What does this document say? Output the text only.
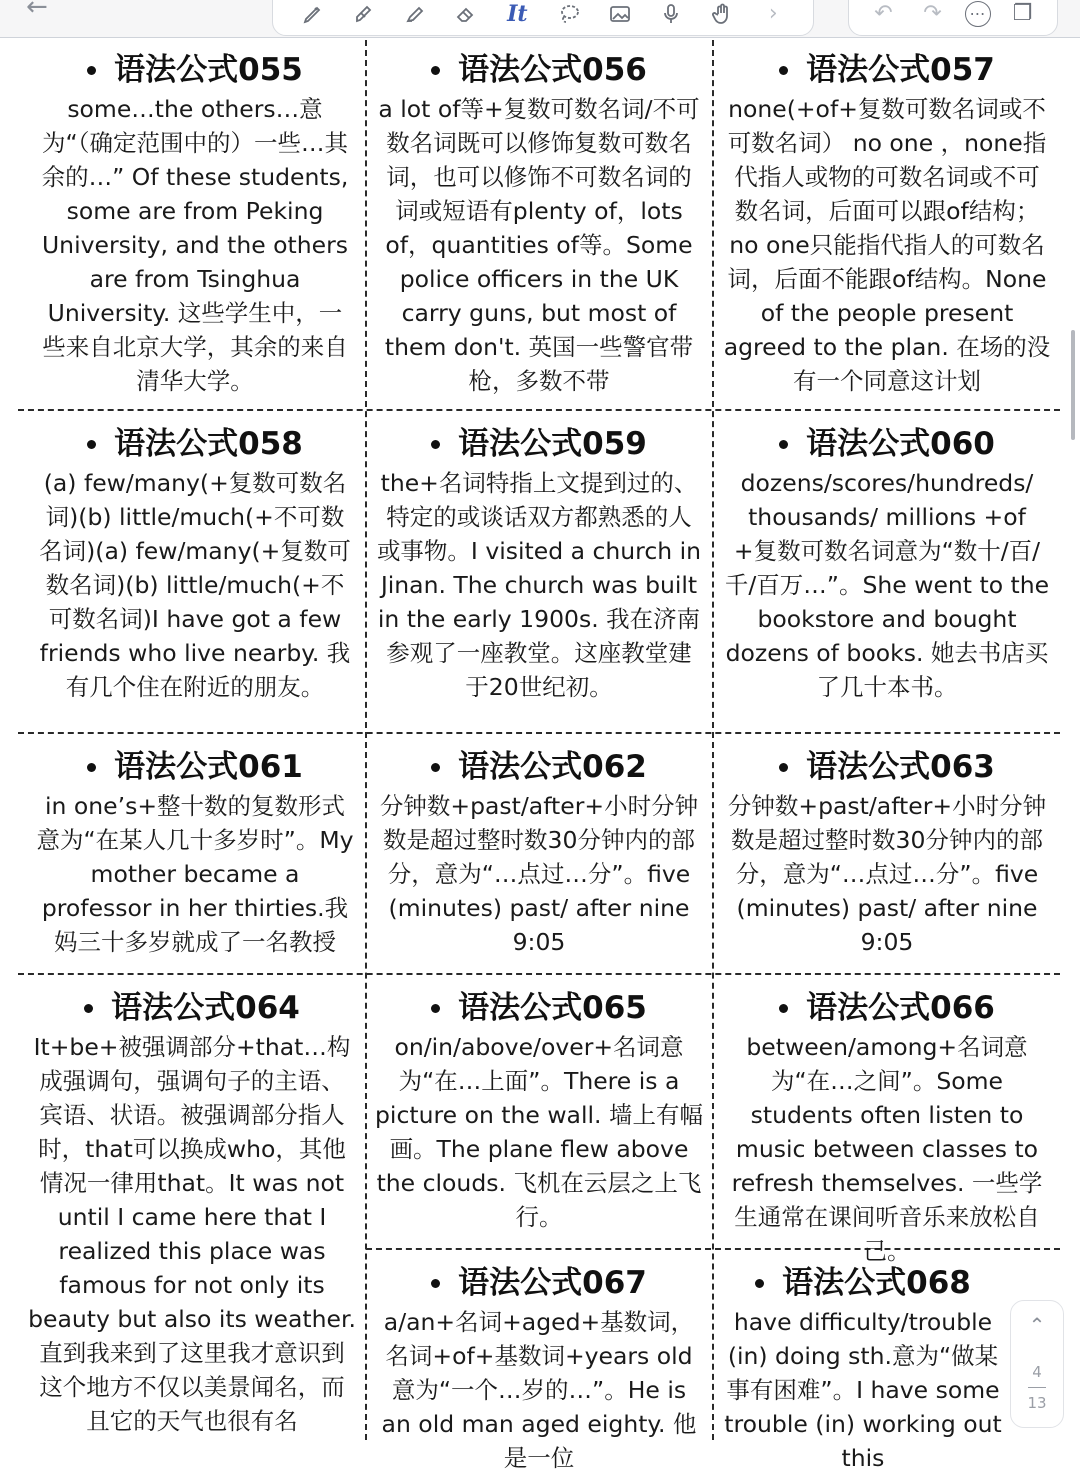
←	It	›	↶	↷	⋯	❐
语法公式055
some…the others…意为“（确定范围中的）一些…其余的…” Of these students, some are from Peking University, and the others are from Tsinghua University. 这些学生中，一些来自北京大学，其余的来自清华大学。
语法公式056
a lot of等+复数可数名词/不可数名词既可以修饰复数可数名词，也可以修饰不可数名词的词或短语有plenty of，lots of，quantities of等。Some police officers in the UK carry guns, but most of them don't. 英国一些警官带枪，多数不带
语法公式057
none(+of+复数可数名词或不可数名词） no one ，none指代指人或物的可数名词或不可数名词，后面可以跟of结构；no one只能指代指人的可数名词，后面不能跟of结构。None of the people present agreed to the plan. 在场的没有一个同意这计划
语法公式058
(a) few/many(+复数可数名词)(b) little/much(+不可数名词)(a) few/many(+复数可数名词)(b) little/much(+不可数名词)I have got a few friends who live nearby. 我有几个住在附近的朋友。
语法公式059
the+名词特指上文提到过的、特定的或谈话双方都熟悉的人或事物。I visited a church in Jinan. The church was built in the early 1900s. 我在济南参观了一座教堂。这座教堂建于20世纪初。
语法公式060
dozens/scores/hundreds/ thousands/ millions +of +复数可数名词意为“数十/百/千/百万…”。She went to the bookstore and bought dozens of books. 她去书店买了几十本书。
语法公式061
in one’s+整十数的复数形式意为“在某人几十多岁时”。My mother became a professor in her thirties.我妈三十多岁就成了一名教授
语法公式062
分钟数+past/after+小时分钟数是超过整时数30分钟内的部分，意为“…点过…分”。five (minutes) past/ after nine 9:05
语法公式063
分钟数+past/after+小时分钟数是超过整时数30分钟内的部分，意为“…点过…分”。five (minutes) past/ after nine 9:05
语法公式064
It+be+被强调部分+that…构成强调句，强调句子的主语、宾语、状语。被强调部分指人时，that可以换成who，其他情况一律用that。It was not until I came here that I realized this place was famous for not only its beauty but also its weather. 直到我来到了这里我才意识到这个地方不仅以美景闻名，而且它的天气也很有名
语法公式065
on/in/above/over+名词意为“在…上面”。There is a picture on the wall. 墙上有幅画。The plane flew above the clouds. 飞机在云层之上飞行。
语法公式066
between/among+名词意为“在…之间”。Some students often listen to music between classes to refresh themselves. 一些学生通常在课间听音乐来放松自己。
语法公式067
a/an+名词+aged+基数词，名词+of+基数词+years old意为“一个…岁的…”。He is an old man aged eighty. 他是一位
语法公式068
have difficulty/trouble (in) doing sth.意为“做某事有困难”。I have some trouble (in) working out this
⌃
4
13
